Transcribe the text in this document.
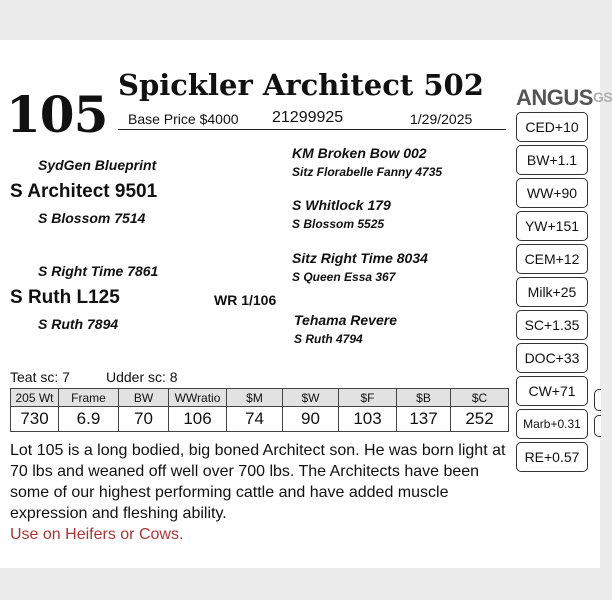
105 Spickler Architect 502 ANGUSGS
Base Price $4000 21299925	1/29/2025
SydGen Blueprint
S Architect 9501
S Blossom 7514
KM Broken Bow 002
Sitz Florabelle Fanny 4735
S Whitlock 179
S Blossom 5525
S Right Time 7861
S Ruth L125
S Ruth 7894
Sitz Right Time 8034
S Queen Essa 367
Tehama Revere
S Ruth 4794
WR 1/106
Teat sc: 7	Udder sc: 8
205 Wt	Frame	BW	WWratio	$M	$W	$F	$B	$C
730	6.9	70	106	74	90	103	137	252
CED+10
BW+1.1
WW+90
YW+151
CEM+12
Milk+25
SC+1.35
DOC+33
CW+71
Marb+0.31
RE+0.57
Lot 105 is a long bodied, big boned Architect son. He was born light at 70 lbs and weaned off well over 700 lbs. The Architects have been some of our highest performing cattle and have added muscle expression and fleshing ability.
Use on Heifers or Cows.
